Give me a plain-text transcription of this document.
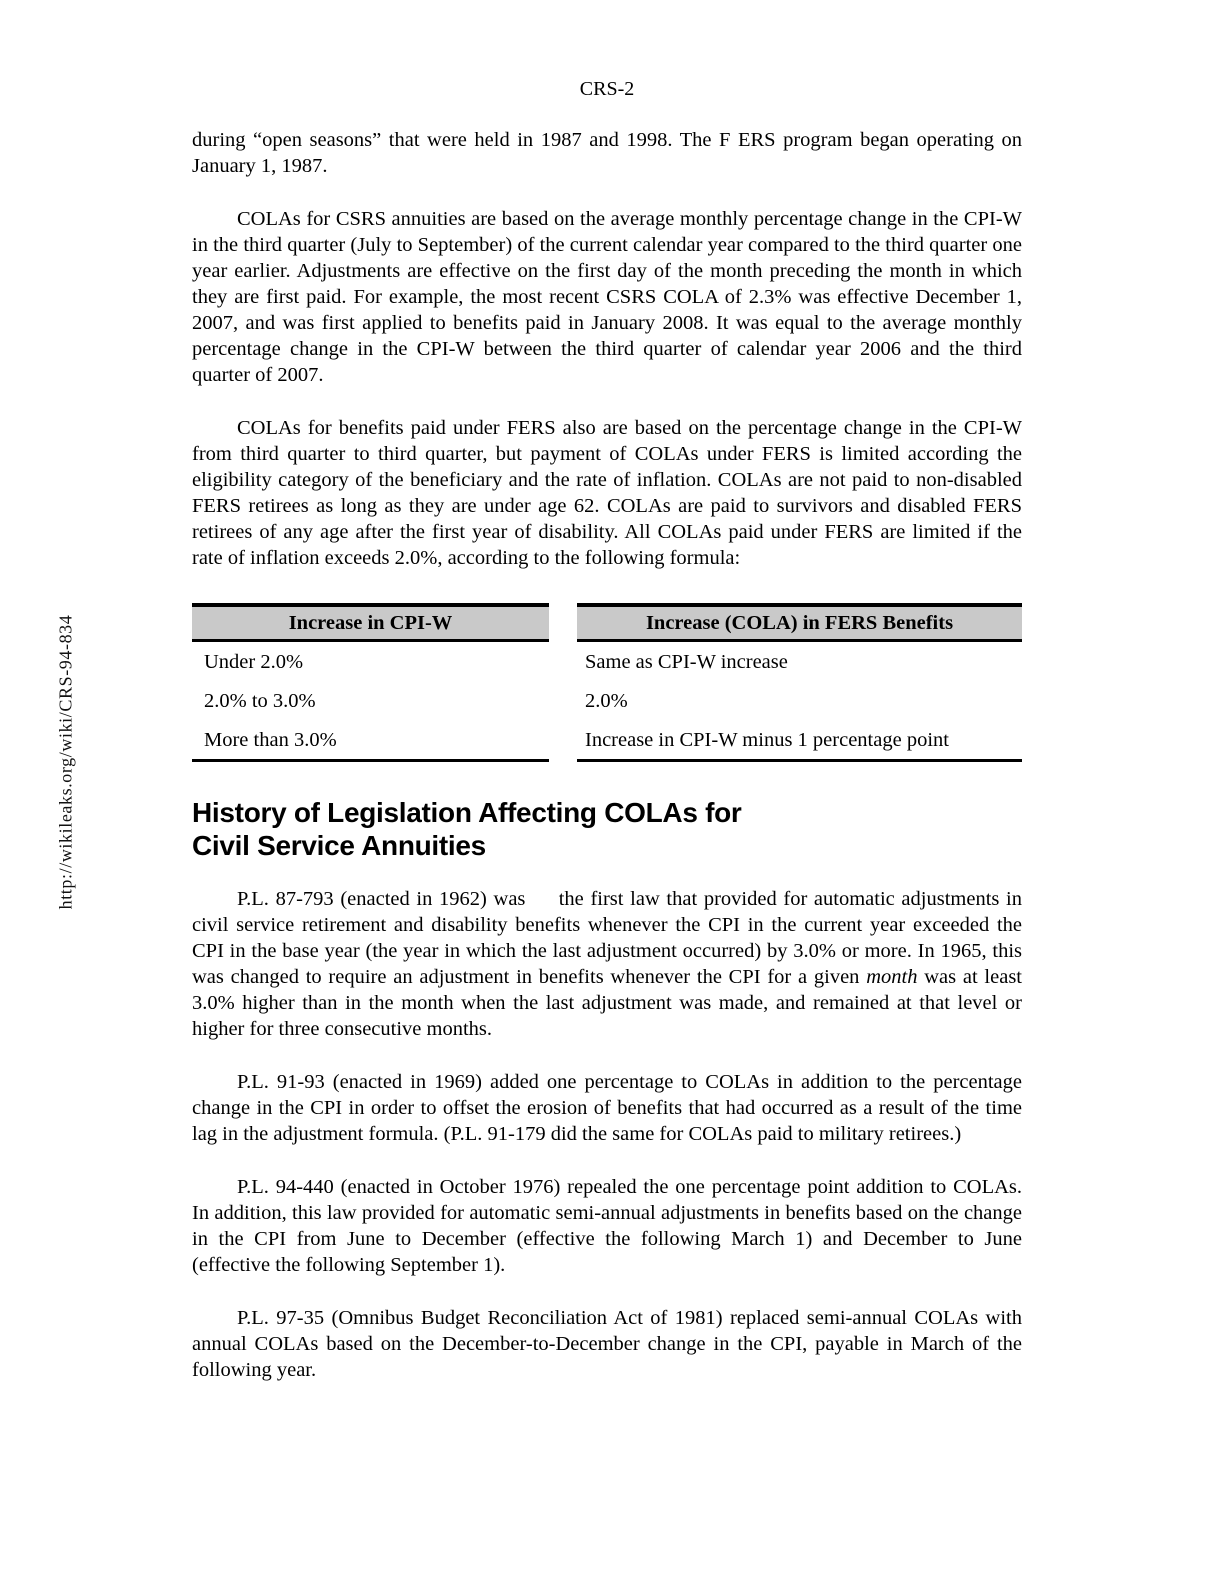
http://wikileaks.org/wiki/CRS-94-834
CRS-2

during “open seasons” that were held in 1987 and 1998. The F ERS program began operating on January 1, 1987.

COLAs for CSRS annuities are based on the average monthly percentage change in the CPI-W in the third quarter (July to September) of the current calendar year compared to the third quarter one year earlier. Adjustments are effective on the first day of the month preceding the month in which they are first paid. For example, the most recent CSRS COLA of 2.3% was effective December 1, 2007, and was first applied to benefits paid in January 2008. It was equal to the average monthly percentage change in the CPI-W between the third quarter of calendar year 2006 and the third quarter of 2007.

COLAs for benefits paid under FERS also are based on the percentage change in the CPI-W from third quarter to third quarter, but payment of COLAs under FERS is limited according the eligibility category of the beneficiary and the rate of inflation. COLAs are not paid to non-disabled FERS retirees as long as they are under age 62. COLAs are paid to survivors and disabled FERS retirees of any age after the first year of disability. All COLAs paid under FERS are limited if the rate of inflation exceeds 2.0%, according to the following formula:

Increase in CPI-W
Under 2.0%
2.0% to 3.0%
More than 3.0%
Increase (COLA) in FERS Benefits
Same as CPI-W increase
2.0%
Increase in CPI-W minus 1 percentage point
History of Legislation Affecting COLAs for
Civil Service Annuities

P.L. 87-793 (enacted in 1962) was     the first law that provided for automatic adjustments in civil service retirement and disability benefits whenever the CPI in the current year exceeded the CPI in the base year (the year in which the last adjustment occurred) by 3.0% or more. In 1965, this was changed to require an adjustment in benefits whenever the CPI for a given month was at least 3.0% higher than in the month when the last adjustment was made, and remained at that level or higher for three consecutive months.

P.L. 91-93 (enacted in 1969) added one percentage to COLAs in addition to the percentage change in the CPI in order to offset the erosion of benefits that had occurred as a result of the time lag in the adjustment formula. (P.L. 91-179 did the same for COLAs paid to military retirees.)

P.L. 94-440 (enacted in October 1976) repealed the one percentage point addition to COLAs. In addition, this law provided for automatic semi-annual adjustments in benefits based on the change in the CPI from June to December (effective the following March 1) and December to June (effective the following September 1).

P.L. 97-35 (Omnibus Budget Reconciliation Act of 1981) replaced semi-annual COLAs with annual COLAs based on the December-to-December change in the CPI, payable in March of the following year.
